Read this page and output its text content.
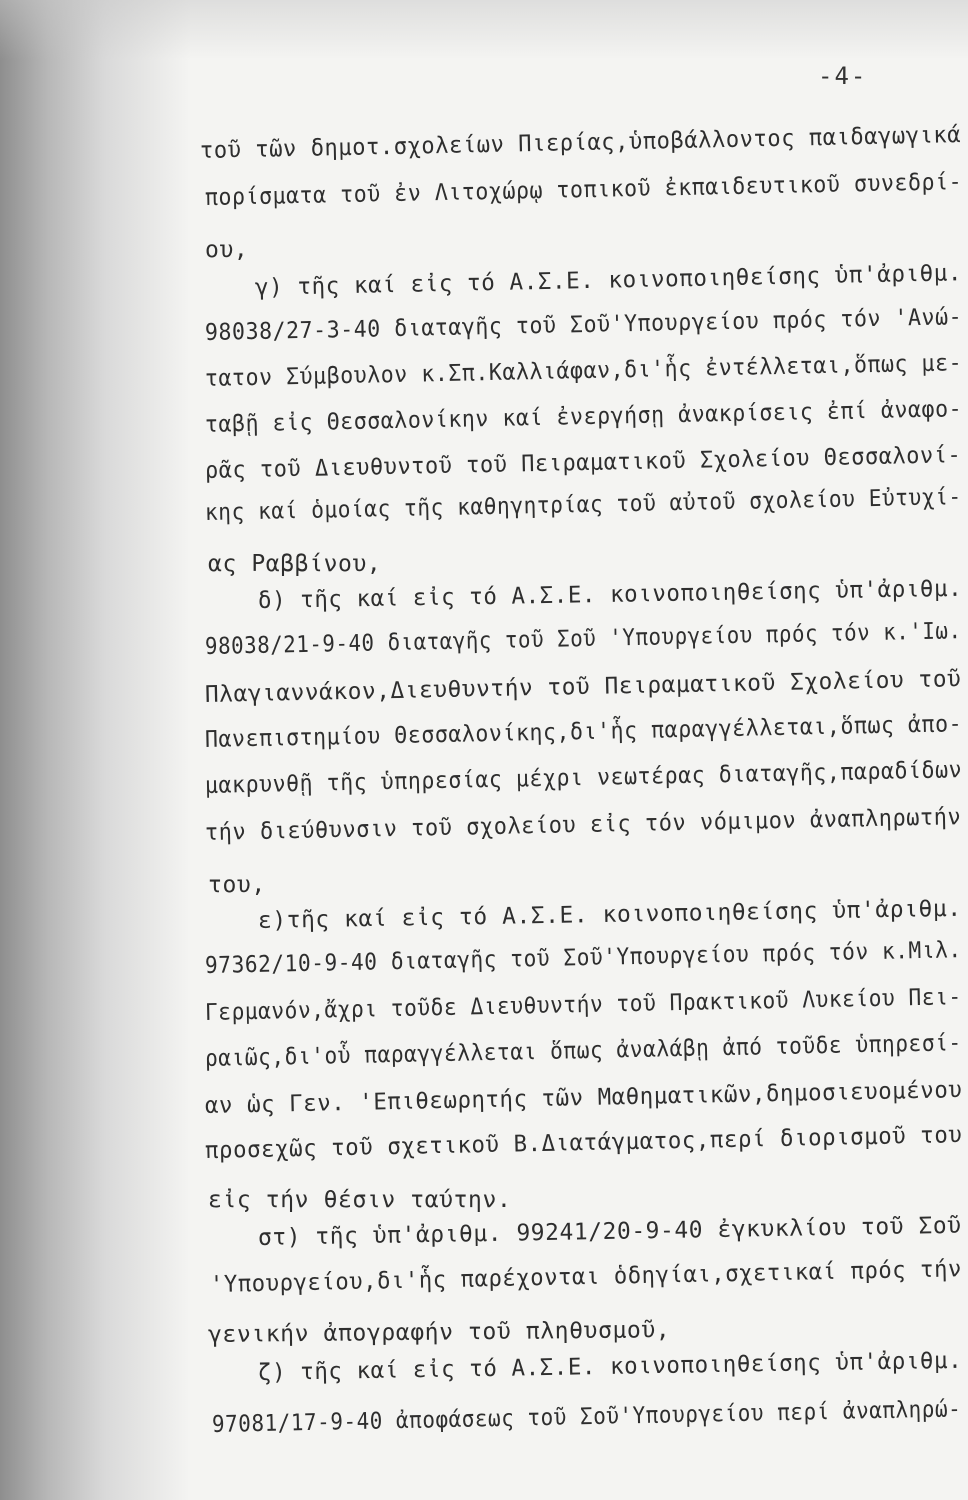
-4-
τοῦ τῶν δημοτ.σχολείων Πιερίας,ὑποβάλλοντος παιδαγωγικά
πορίσματα τοῦ ἐν Λιτοχώρῳ τοπικοῦ ἐκπαιδευτικοῦ συνεδρί-
ου,
γ) τῆς καί εἰς τό Α.Σ.Ε. κοινοποιηθείσης ὑπ'ἀριθμ.
98038/27-3-40 διαταγῆς τοῦ Σοῦ'Υπουργείου πρός τόν 'Ανώ-
τατον Σύμβουλον κ.Σπ.Καλλιάφαν,δι'ἧς ἐντέλλεται,ὅπως με-
ταβῇ εἰς Θεσσαλονίκην καί ἐνεργήσῃ ἀνακρίσεις ἐπί ἀναφο-
ρᾶς τοῦ Διευθυντοῦ τοῦ Πειραματικοῦ Σχολείου Θεσσαλονί-
κης καί ὁμοίας τῆς καθηγητρίας τοῦ αὐτοῦ σχολείου Εὐτυχί-
ας Ραββίνου,
δ) τῆς καί εἰς τό Α.Σ.Ε. κοινοποιηθείσης ὑπ'ἀριθμ.
98038/21-9-40 διαταγῆς τοῦ Σοῦ 'Υπουργείου πρός τόν κ.'Ιω.
Πλαγιαννάκον,Διευθυντήν τοῦ Πειραματικοῦ Σχολείου τοῦ
Πανεπιστημίου Θεσσαλονίκης,δι'ἧς παραγγέλλεται,ὅπως ἀπο-
μακρυνθῇ τῆς ὑπηρεσίας μέχρι νεωτέρας διαταγῆς,παραδίδων
τήν διεύθυνσιν τοῦ σχολείου εἰς τόν νόμιμον ἀναπληρωτήν
του,
ε)τῆς καί εἰς τό Α.Σ.Ε. κοινοποιηθείσης ὑπ'ἀριθμ.
97362/10-9-40 διαταγῆς τοῦ Σοῦ'Υπουργείου πρός τόν κ.Μιλ.
Γερμανόν,ἄχρι τοῦδε Διευθυντήν τοῦ Πρακτικοῦ Λυκείου Πει-
ραιῶς,δι'οὗ παραγγέλλεται ὅπως ἀναλάβῃ ἀπό τοῦδε ὑπηρεσί-
αν ὡς Γεν. 'Επιθεωρητής τῶν Μαθηματικῶν,δημοσιευομένου
προσεχῶς τοῦ σχετικοῦ Β.Διατάγματος,περί διορισμοῦ του
εἰς τήν θέσιν ταύτην.
στ) τῆς ὑπ'ἀριθμ. 99241/20-9-40 ἐγκυκλίου τοῦ Σοῦ
'Υπουργείου,δι'ἧς παρέχονται ὁδηγίαι,σχετικαί πρός τήν
γενικήν ἀπογραφήν τοῦ πληθυσμοῦ,
ζ) τῆς καί εἰς τό Α.Σ.Ε. κοινοποιηθείσης ὑπ'ἀριθμ.
97081/17-9-40 ἀποφάσεως τοῦ Σοῦ'Υπουργείου περί ἀναπληρώ-
